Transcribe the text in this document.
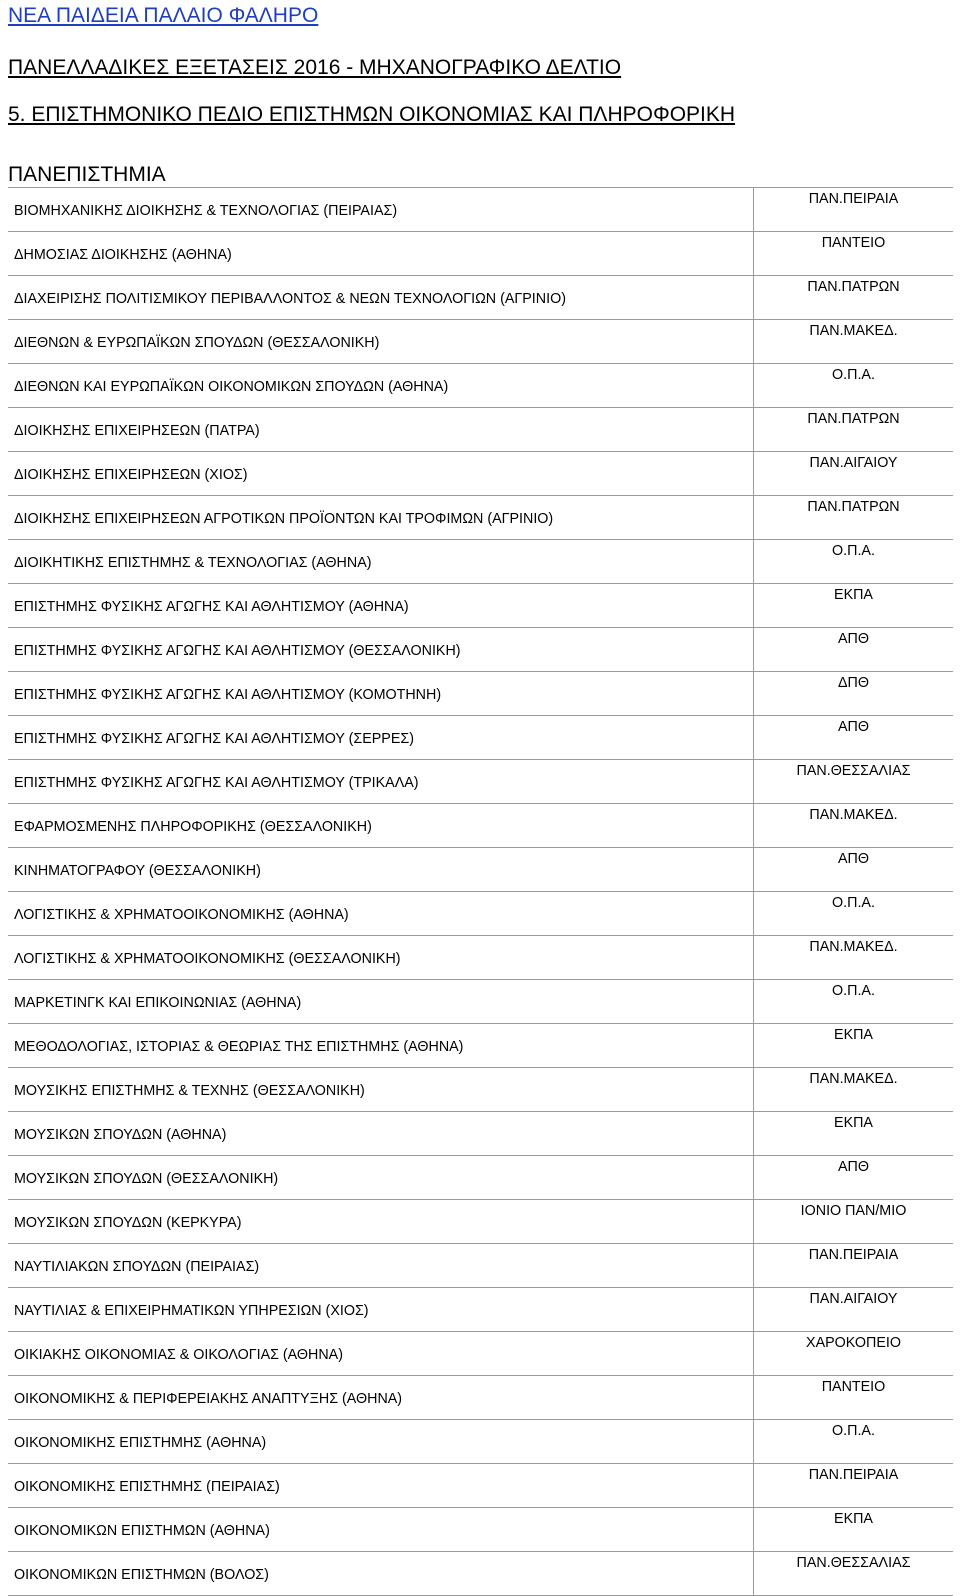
ΝΕΑ ΠΑΙΔΕΙΑ ΠΑΛΑΙΟ ΦΑΛΗΡΟ
ΠΑΝΕΛΛΑΔΙΚΕΣ ΕΞΕΤΑΣΕΙΣ 2016 - ΜΗΧΑΝΟΓΡΑΦΙΚΟ ΔΕΛΤΙΟ
5. ΕΠΙΣΤΗΜΟΝΙΚΟ ΠΕΔΙΟ ΕΠΙΣΤΗΜΩΝ ΟΙΚΟΝΟΜΙΑΣ ΚΑΙ ΠΛΗΡΟΦΟΡΙΚΗ
ΠΑΝΕΠΙΣΤΗΜΙΑ
ΒΙΟΜΗΧΑΝΙΚΗΣ ΔΙΟΙΚΗΣΗΣ & ΤΕΧΝΟΛΟΓΙΑΣ (ΠΕΙΡΑΙΑΣ)	ΠΑΝ.ΠΕΙΡΑΙΑ
ΔΗΜΟΣΙΑΣ ΔΙΟΙΚΗΣΗΣ (ΑΘΗΝΑ)	ΠΑΝΤΕΙΟ
ΔΙΑΧΕΙΡΙΣΗΣ ΠΟΛΙΤΙΣΜΙΚΟΥ ΠΕΡΙΒΑΛΛΟΝΤΟΣ & ΝΕΩΝ ΤΕΧΝΟΛΟΓΙΩΝ (ΑΓΡΙΝΙΟ)	ΠΑΝ.ΠΑΤΡΩΝ
ΔΙΕΘΝΩΝ & ΕΥΡΩΠΑΪΚΩΝ ΣΠΟΥΔΩΝ (ΘΕΣΣΑΛΟΝΙΚΗ)	ΠΑΝ.ΜΑΚΕΔ.
ΔΙΕΘΝΩΝ ΚΑΙ ΕΥΡΩΠΑΪΚΩΝ ΟΙΚΟΝΟΜΙΚΩΝ ΣΠΟΥΔΩΝ (ΑΘΗΝΑ)	Ο.Π.Α.
ΔΙΟΙΚΗΣΗΣ ΕΠΙΧΕΙΡΗΣΕΩΝ (ΠΑΤΡΑ)	ΠΑΝ.ΠΑΤΡΩΝ
ΔΙΟΙΚΗΣΗΣ ΕΠΙΧΕΙΡΗΣΕΩΝ (ΧΙΟΣ)	ΠΑΝ.ΑΙΓΑΙΟΥ
ΔΙΟΙΚΗΣΗΣ ΕΠΙΧΕΙΡΗΣΕΩΝ ΑΓΡΟΤΙΚΩΝ ΠΡΟΪΟΝΤΩΝ ΚΑΙ ΤΡΟΦΙΜΩΝ (ΑΓΡΙΝΙΟ)	ΠΑΝ.ΠΑΤΡΩΝ
ΔΙΟΙΚΗΤΙΚΗΣ ΕΠΙΣΤΗΜΗΣ & ΤΕΧΝΟΛΟΓΙΑΣ (ΑΘΗΝΑ)	Ο.Π.Α.
ΕΠΙΣΤΗΜΗΣ ΦΥΣΙΚΗΣ ΑΓΩΓΗΣ ΚΑΙ ΑΘΛΗΤΙΣΜΟΥ (ΑΘΗΝΑ)	ΕΚΠΑ
ΕΠΙΣΤΗΜΗΣ ΦΥΣΙΚΗΣ ΑΓΩΓΗΣ ΚΑΙ ΑΘΛΗΤΙΣΜΟΥ (ΘΕΣΣΑΛΟΝΙΚΗ)	ΑΠΘ
ΕΠΙΣΤΗΜΗΣ ΦΥΣΙΚΗΣ ΑΓΩΓΗΣ ΚΑΙ ΑΘΛΗΤΙΣΜΟΥ (ΚΟΜΟΤΗΝΗ)	ΔΠΘ
ΕΠΙΣΤΗΜΗΣ ΦΥΣΙΚΗΣ ΑΓΩΓΗΣ ΚΑΙ ΑΘΛΗΤΙΣΜΟΥ (ΣΕΡΡΕΣ)	ΑΠΘ
ΕΠΙΣΤΗΜΗΣ ΦΥΣΙΚΗΣ ΑΓΩΓΗΣ ΚΑΙ ΑΘΛΗΤΙΣΜΟΥ (ΤΡΙΚΑΛΑ)	ΠΑΝ.ΘΕΣΣΑΛΙΑΣ
ΕΦΑΡΜΟΣΜΕΝΗΣ ΠΛΗΡΟΦΟΡΙΚΗΣ (ΘΕΣΣΑΛΟΝΙΚΗ)	ΠΑΝ.ΜΑΚΕΔ.
ΚΙΝΗΜΑΤΟΓΡΑΦΟΥ (ΘΕΣΣΑΛΟΝΙΚΗ)	ΑΠΘ
ΛΟΓΙΣΤΙΚΗΣ & ΧΡΗΜΑΤΟΟΙΚΟΝΟΜΙΚΗΣ (ΑΘΗΝΑ)	Ο.Π.Α.
ΛΟΓΙΣΤΙΚΗΣ & ΧΡΗΜΑΤΟΟΙΚΟΝΟΜΙΚΗΣ (ΘΕΣΣΑΛΟΝΙΚΗ)	ΠΑΝ.ΜΑΚΕΔ.
ΜΑΡΚΕΤΙΝΓΚ ΚΑΙ ΕΠΙΚΟΙΝΩΝΙΑΣ (ΑΘΗΝΑ)	Ο.Π.Α.
ΜΕΘΟΔΟΛΟΓΙΑΣ, ΙΣΤΟΡΙΑΣ & ΘΕΩΡΙΑΣ ΤΗΣ ΕΠΙΣΤΗΜΗΣ (ΑΘΗΝΑ)	ΕΚΠΑ
ΜΟΥΣΙΚΗΣ ΕΠΙΣΤΗΜΗΣ & ΤΕΧΝΗΣ (ΘΕΣΣΑΛΟΝΙΚΗ)	ΠΑΝ.ΜΑΚΕΔ.
ΜΟΥΣΙΚΩΝ ΣΠΟΥΔΩΝ (ΑΘΗΝΑ)	ΕΚΠΑ
ΜΟΥΣΙΚΩΝ ΣΠΟΥΔΩΝ (ΘΕΣΣΑΛΟΝΙΚΗ)	ΑΠΘ
ΜΟΥΣΙΚΩΝ ΣΠΟΥΔΩΝ (ΚΕΡΚΥΡΑ)	ΙΟΝΙΟ ΠΑΝ/ΜΙΟ
ΝΑΥΤΙΛΙΑΚΩΝ ΣΠΟΥΔΩΝ (ΠΕΙΡΑΙΑΣ)	ΠΑΝ.ΠΕΙΡΑΙΑ
ΝΑΥΤΙΛΙΑΣ & ΕΠΙΧΕΙΡΗΜΑΤΙΚΩΝ ΥΠΗΡΕΣΙΩΝ (ΧΙΟΣ)	ΠΑΝ.ΑΙΓΑΙΟΥ
ΟΙΚΙΑΚΗΣ ΟΙΚΟΝΟΜΙΑΣ & ΟΙΚΟΛΟΓΙΑΣ (ΑΘΗΝΑ)	ΧΑΡΟΚΟΠΕΙΟ
ΟΙΚΟΝΟΜΙΚΗΣ & ΠΕΡΙΦΕΡΕΙΑΚΗΣ ΑΝΑΠΤΥΞΗΣ (ΑΘΗΝΑ)	ΠΑΝΤΕΙΟ
ΟΙΚΟΝΟΜΙΚΗΣ ΕΠΙΣΤΗΜΗΣ (ΑΘΗΝΑ)	Ο.Π.Α.
ΟΙΚΟΝΟΜΙΚΗΣ ΕΠΙΣΤΗΜΗΣ (ΠΕΙΡΑΙΑΣ)	ΠΑΝ.ΠΕΙΡΑΙΑ
ΟΙΚΟΝΟΜΙΚΩΝ ΕΠΙΣΤΗΜΩΝ (ΑΘΗΝΑ)	ΕΚΠΑ
ΟΙΚΟΝΟΜΙΚΩΝ ΕΠΙΣΤΗΜΩΝ (ΒΟΛΟΣ)	ΠΑΝ.ΘΕΣΣΑΛΙΑΣ
